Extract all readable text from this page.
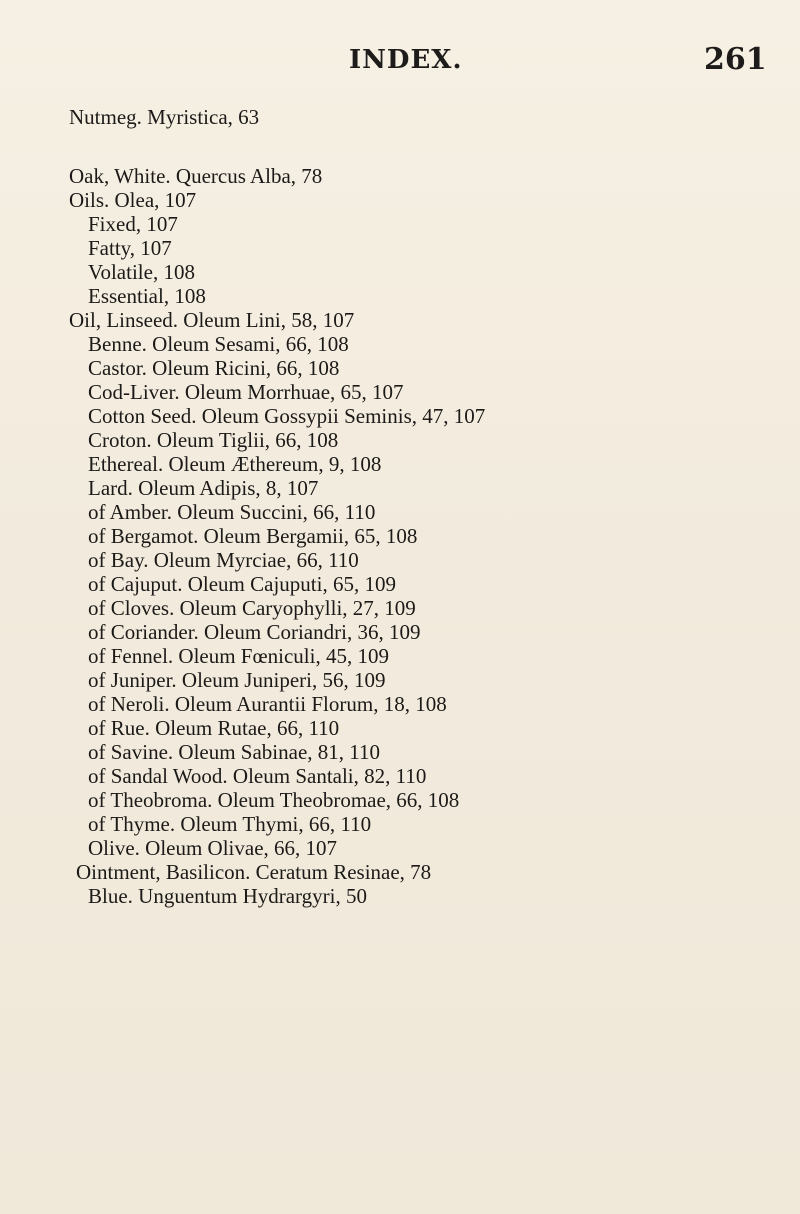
INDEX.	261
Nutmeg. Myristica, 63
Oak, White. Quercus Alba, 78
Oils. Olea, 107
Fixed, 107
Fatty, 107
Volatile, 108
Essential, 108
Oil, Linseed. Oleum Lini, 58, 107
Benne. Oleum Sesami, 66, 108
Castor. Oleum Ricini, 66, 108
Cod-Liver. Oleum Morrhuae, 65, 107
Cotton Seed. Oleum Gossypii Seminis, 47, 107
Croton. Oleum Tiglii, 66, 108
Ethereal. Oleum Æthereum, 9, 108
Lard. Oleum Adipis, 8, 107
of Amber. Oleum Succini, 66, 110
of Bergamot. Oleum Bergamii, 65, 108
of Bay. Oleum Myrciae, 66, 110
of Cajuput. Oleum Cajuputi, 65, 109
of Cloves. Oleum Caryophylli, 27, 109
of Coriander. Oleum Coriandri, 36, 109
of Fennel. Oleum Fœniculi, 45, 109
of Juniper. Oleum Juniperi, 56, 109
of Neroli. Oleum Aurantii Florum, 18, 108
of Rue. Oleum Rutae, 66, 110
of Savine. Oleum Sabinae, 81, 110
of Sandal Wood. Oleum Santali, 82, 110
of Theobroma. Oleum Theobromae, 66, 108
of Thyme. Oleum Thymi, 66, 110
Olive. Oleum Olivae, 66, 107
Ointment, Basilicon. Ceratum Resinae, 78
Blue. Unguentum Hydrargyri, 50
